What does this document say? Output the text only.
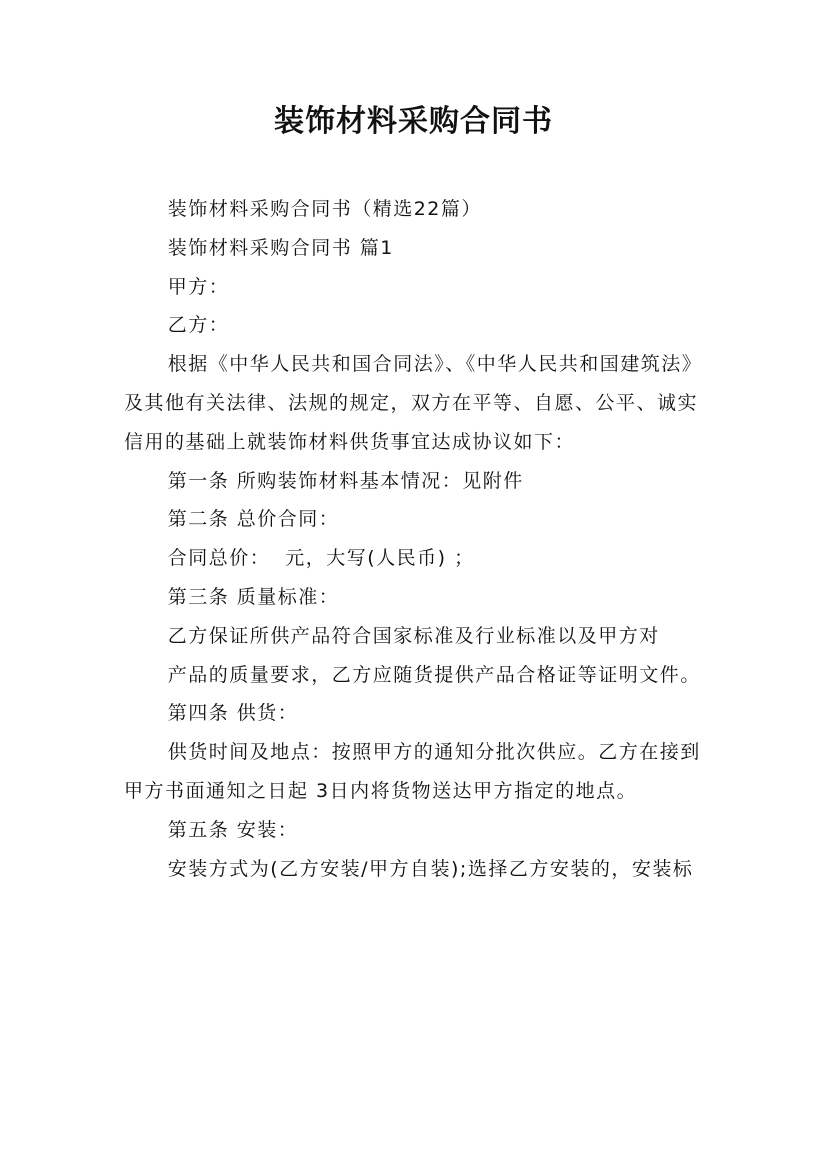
装饰材料采购合同书

装饰材料采购合同书（精选22篇）

装饰材料采购合同书 篇1

甲方：

乙方：

根据《中华人民共和国合同法》、《中华人民共和国建筑法》及其他有关法律、法规的规定，双方在平等、自愿、公平、诚实信用的基础上就装饰材料供货事宜达成协议如下：

第一条 所购装饰材料基本情况：见附件

第二条 总价合同：

合同总价：  元，大写(人民币) ；

第三条 质量标准：

乙方保证所供产品符合国家标准及行业标准以及甲方对

产品的质量要求，乙方应随货提供产品合格证等证明文件。

第四条 供货：

供货时间及地点：按照甲方的通知分批次供应。乙方在接到甲方书面通知之日起 3日内将货物送达甲方指定的地点。

第五条 安装：

安装方式为(乙方安装/甲方自装);选择乙方安装的，安装标
